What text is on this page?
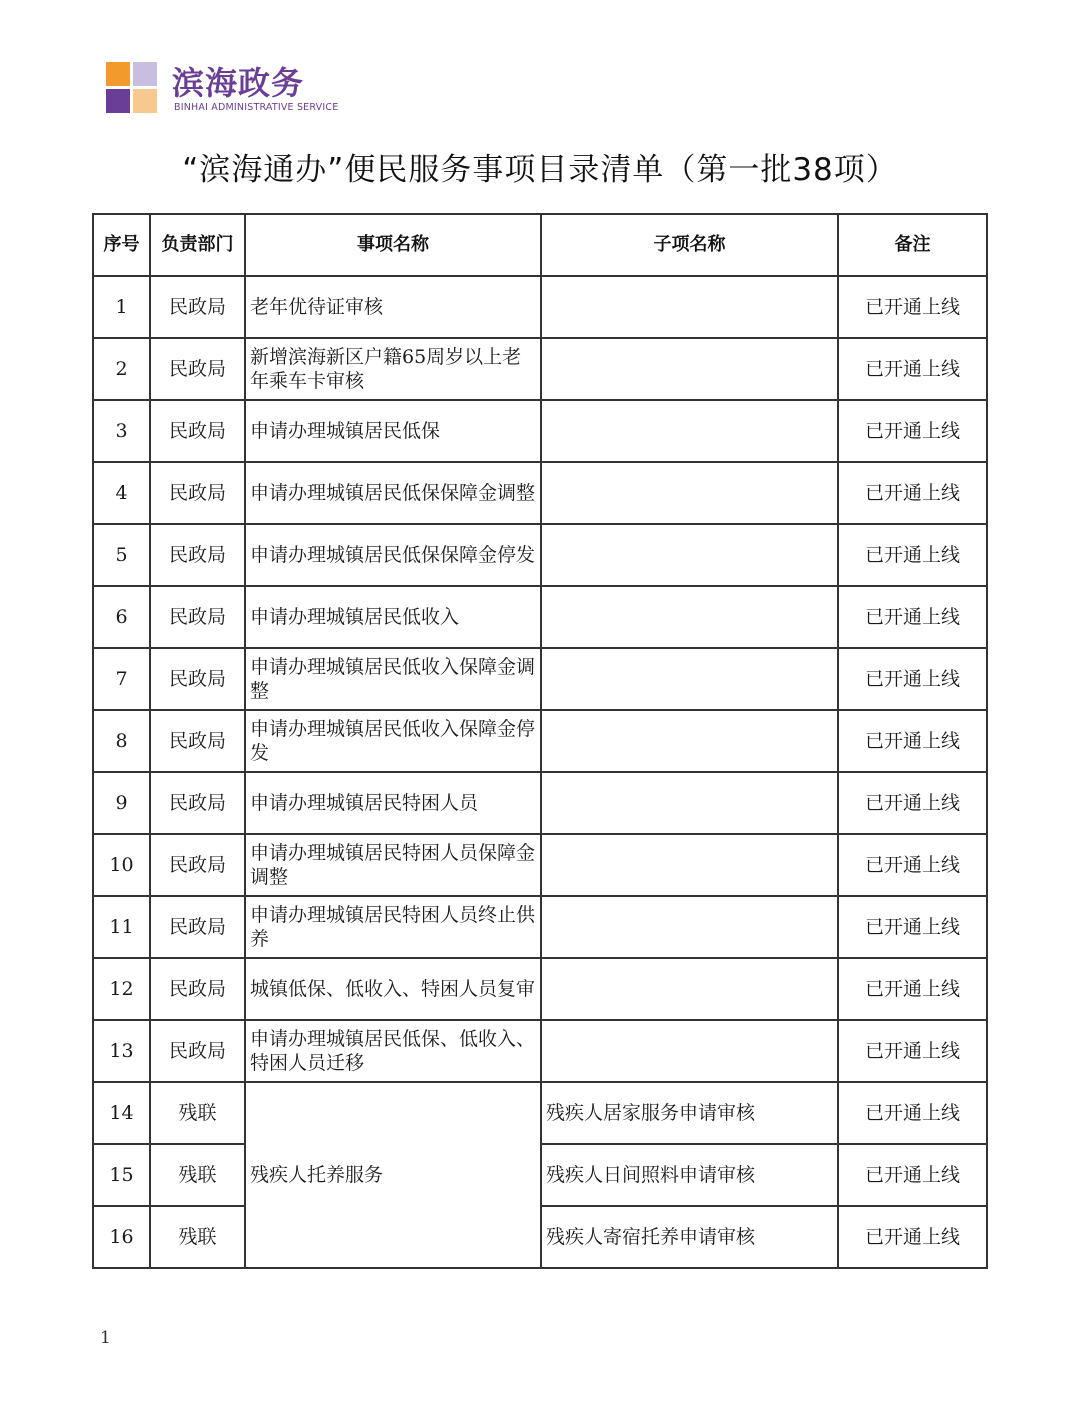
滨海政务
BINHAI ADMINISTRATIVE SERVICE
“滨海通办”便民服务事项目录清单（第一批38项）
序号	负责部门	事项名称	子项名称	备注
1	民政局	老年优待证审核		已开通上线
2	民政局	新增滨海新区户籍65周岁以上老年乘车卡审核		已开通上线
3	民政局	申请办理城镇居民低保		已开通上线
4	民政局	申请办理城镇居民低保保障金调整		已开通上线
5	民政局	申请办理城镇居民低保保障金停发		已开通上线
6	民政局	申请办理城镇居民低收入		已开通上线
7	民政局	申请办理城镇居民低收入保障金调整		已开通上线
8	民政局	申请办理城镇居民低收入保障金停发		已开通上线
9	民政局	申请办理城镇居民特困人员		已开通上线
10	民政局	申请办理城镇居民特困人员保障金调整		已开通上线
11	民政局	申请办理城镇居民特困人员终止供养		已开通上线
12	民政局	城镇低保、低收入、特困人员复审		已开通上线
13	民政局	申请办理城镇居民低保、低收入、特困人员迁移		已开通上线
14	残联	残疾人托养服务	残疾人居家服务申请审核	已开通上线
15	残联		残疾人日间照料申请审核	已开通上线
16	残联		残疾人寄宿托养申请审核	已开通上线
1
